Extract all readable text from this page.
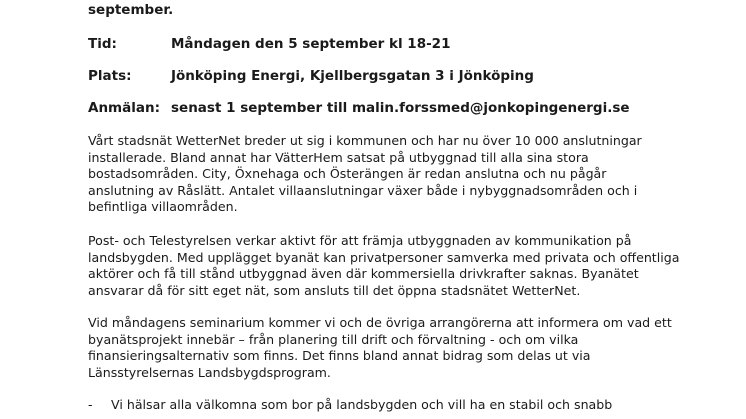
september.
Tid:	Måndagen den 5 september kl 18-21
Plats:	Jönköping Energi, Kjellbergsgatan 3 i Jönköping
Anmälan: senast 1 september till malin.forssmed@jonkopingenergi.se
Vårt stadsnät WetterNet breder ut sig i kommunen och har nu över 10 000 anslutningar
installerade. Bland annat har VätterHem satsat på utbyggnad till alla sina stora
bostadsområden. City, Öxnehaga och Österängen är redan anslutna och nu pågår
anslutning av Råslätt. Antalet villaanslutningar växer både i nybyggnadsområden och i
befintliga villaområden.
Post- och Telestyrelsen verkar aktivt för att främja utbyggnaden av kommunikation på
landsbygden. Med upplägget byanät kan privatpersoner samverka med privata och offentliga
aktörer och få till stånd utbyggnad även där kommersiella drivkrafter saknas. Byanätet
ansvarar då för sitt eget nät, som ansluts till det öppna stadsnätet WetterNet.
Vid måndagens seminarium kommer vi och de övriga arrangörerna att informera om vad ett
byanätsprojekt innebär – från planering till drift och förvaltning - och om vilka
finansieringsalternativ som finns. Det finns bland annat bidrag som delas ut via
Länsstyrelsernas Landsbygdsprogram.
- Vi hälsar alla välkomna som bor på landsbygden och vill ha en stabil och snabb
